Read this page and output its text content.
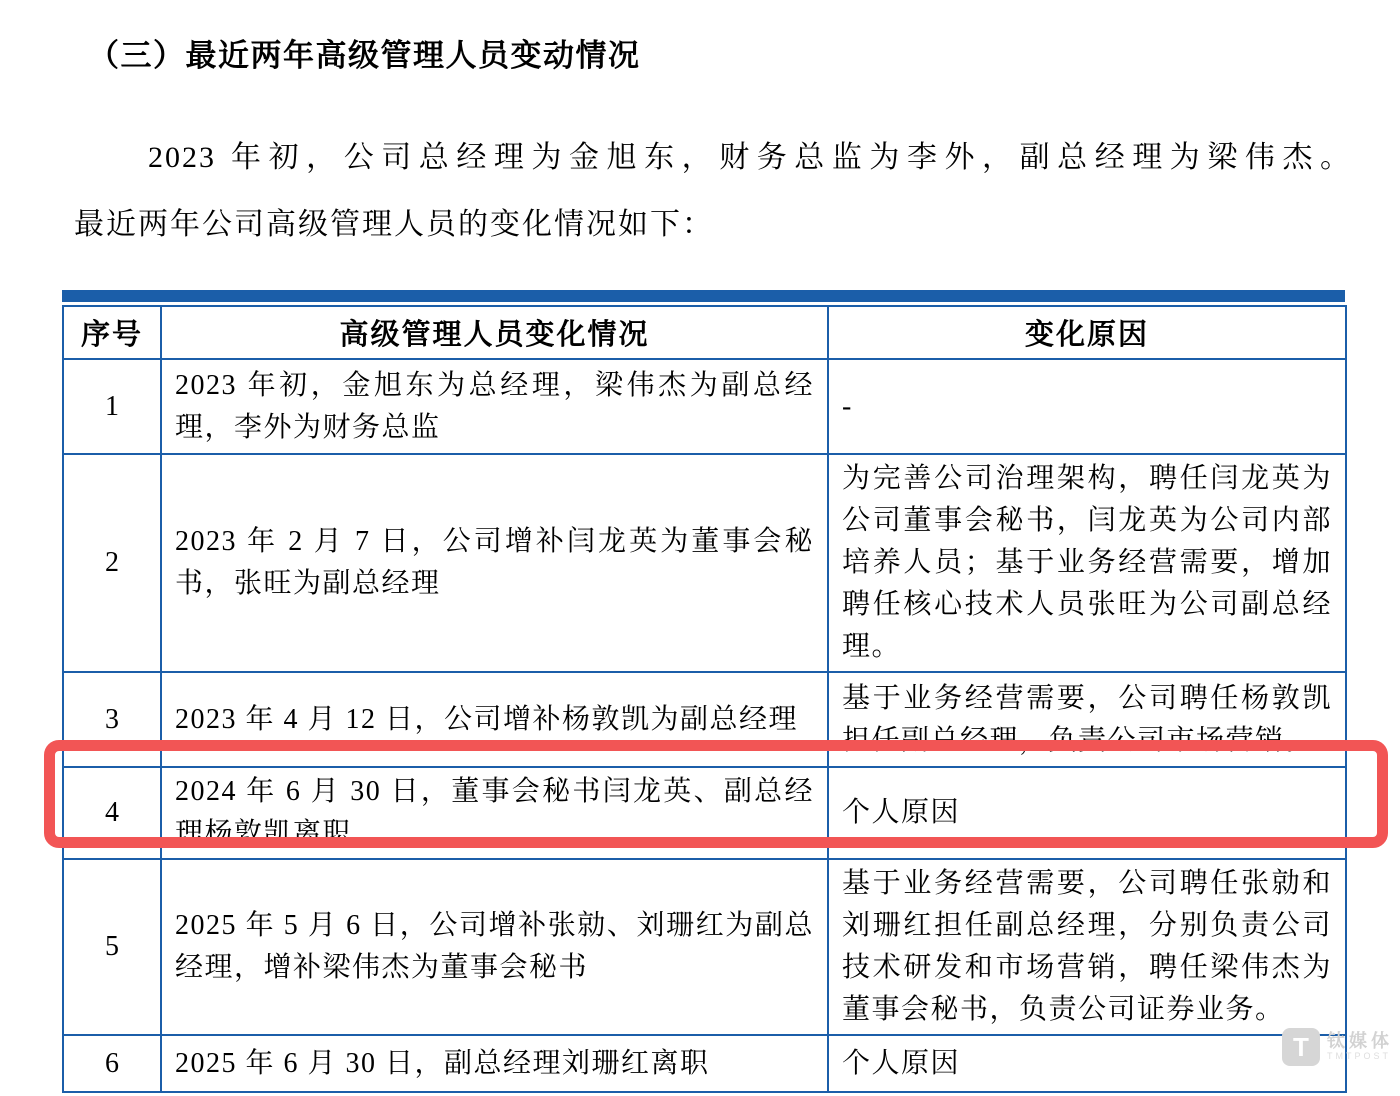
（三）最近两年高级管理人员变动情况
2023 年初，公司总经理为金旭东，财务总监为李外，副总经理为梁伟杰。
最近两年公司高级管理人员的变化情况如下：
序号	高级管理人员变化情况	变化原因
1	2023 年初，金旭东为总经理，梁伟杰为副总经理，李外为财务总监	-
2	2023 年 2 月 7 日，公司增补闫龙英为董事会秘书，张旺为副总经理	为完善公司治理架构，聘任闫龙英为公司董事会秘书，闫龙英为公司内部培养人员；基于业务经营需要，增加聘任核心技术人员张旺为公司副总经理。
3	2023 年 4 月 12 日，公司增补杨敦凯为副总经理	基于业务经营需要，公司聘任杨敦凯担任副总经理，负责公司市场营销。
4	2024 年 6 月 30 日，董事会秘书闫龙英、副总经理杨敦凯离职	个人原因
5	2025 年 5 月 6 日，公司增补张勍、刘珊红为副总经理，增补梁伟杰为董事会秘书	基于业务经营需要，公司聘任张勍和刘珊红担任副总经理，分别负责公司技术研发和市场营销，聘任梁伟杰为董事会秘书，负责公司证券业务。
6	2025 年 6 月 30 日，副总经理刘珊红离职	个人原因
T	钛媒体
TMTPOST
